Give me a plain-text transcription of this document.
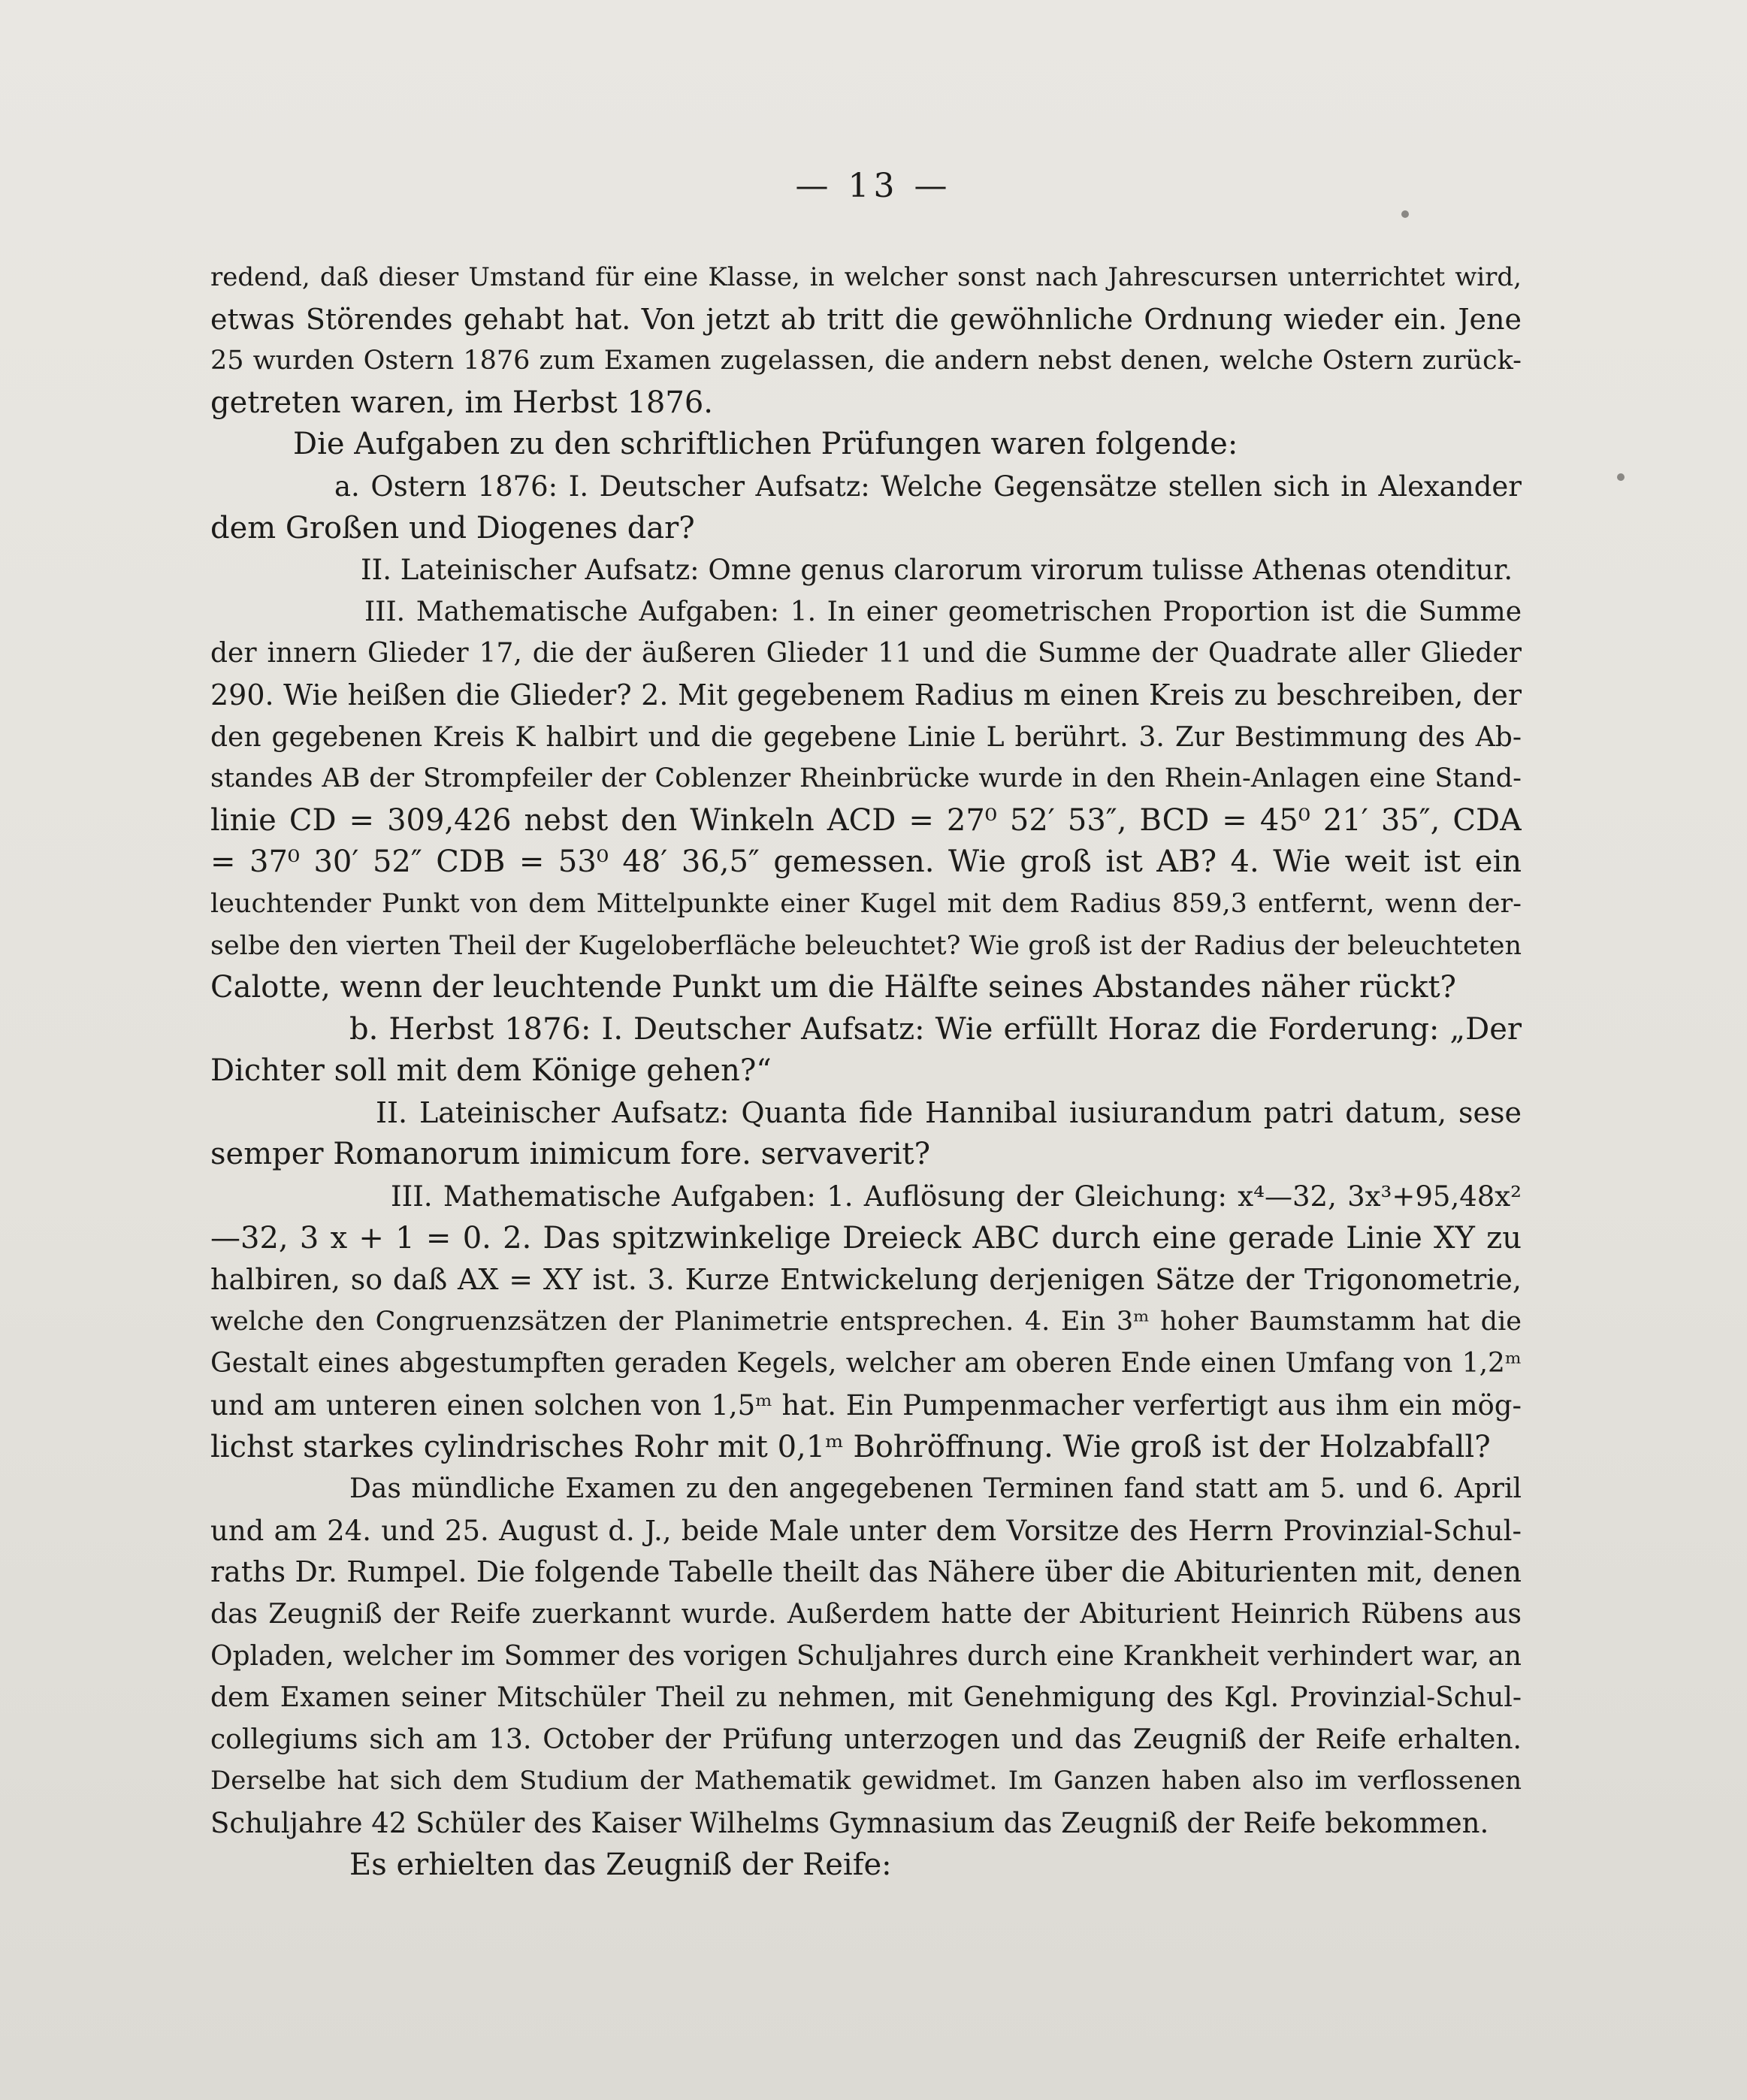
— 13 —
redend, daß dieser Umstand für eine Klasse, in welcher sonst nach Jahrescursen unterrichtet wird,
etwas Störendes gehabt hat. Von jetzt ab tritt die gewöhnliche Ordnung wieder ein. Jene
25 wurden Ostern 1876 zum Examen zugelassen, die andern nebst denen, welche Ostern zurück-
getreten waren, im Herbst 1876.
Die Aufgaben zu den schriftlichen Prüfungen waren folgende:
a. Ostern 1876: I. Deutscher Aufsatz: Welche Gegensätze stellen sich in Alexander
dem Großen und Diogenes dar?
II. Lateinischer Aufsatz: Omne genus clarorum virorum tulisse Athenas otenditur.
III. Mathematische Aufgaben: 1. In einer geometrischen Proportion ist die Summe
der innern Glieder 17, die der äußeren Glieder 11 und die Summe der Quadrate aller Glieder
290. Wie heißen die Glieder? 2. Mit gegebenem Radius m einen Kreis zu beschreiben, der
den gegebenen Kreis K halbirt und die gegebene Linie L berührt. 3. Zur Bestimmung des Ab-
standes AB der Strompfeiler der Coblenzer Rheinbrücke wurde in den Rhein-Anlagen eine Stand-
linie CD = 309,426 nebst den Winkeln ACD = 27⁰ 52′ 53″, BCD = 45⁰ 21′ 35″, CDA
= 37⁰ 30′ 52″ CDB = 53⁰ 48′ 36,5″ gemessen. Wie groß ist AB? 4. Wie weit ist ein
leuchtender Punkt von dem Mittelpunkte einer Kugel mit dem Radius 859,3 entfernt, wenn der-
selbe den vierten Theil der Kugeloberfläche beleuchtet? Wie groß ist der Radius der beleuchteten
Calotte, wenn der leuchtende Punkt um die Hälfte seines Abstandes näher rückt?
b. Herbst 1876: I. Deutscher Aufsatz: Wie erfüllt Horaz die Forderung: „Der
Dichter soll mit dem Könige gehen?“
II. Lateinischer Aufsatz: Quanta fide Hannibal iusiurandum patri datum, sese
semper Romanorum inimicum fore. servaverit?
III. Mathematische Aufgaben: 1. Auflösung der Gleichung: x⁴—32, 3x³+95,48x²
—32, 3 x + 1 = 0. 2. Das spitzwinkelige Dreieck ABC durch eine gerade Linie XY zu
halbiren, so daß AX = XY ist. 3. Kurze Entwickelung derjenigen Sätze der Trigonometrie,
welche den Congruenzsätzen der Planimetrie entsprechen. 4. Ein 3ᵐ hoher Baumstamm hat die
Gestalt eines abgestumpften geraden Kegels, welcher am oberen Ende einen Umfang von 1,2ᵐ
und am unteren einen solchen von 1,5ᵐ hat. Ein Pumpenmacher verfertigt aus ihm ein mög-
lichst starkes cylindrisches Rohr mit 0,1ᵐ Bohröffnung. Wie groß ist der Holzabfall?
Das mündliche Examen zu den angegebenen Terminen fand statt am 5. und 6. April
und am 24. und 25. August d. J., beide Male unter dem Vorsitze des Herrn Provinzial-Schul-
raths Dr. Rumpel. Die folgende Tabelle theilt das Nähere über die Abiturienten mit, denen
das Zeugniß der Reife zuerkannt wurde. Außerdem hatte der Abiturient Heinrich Rübens aus
Opladen, welcher im Sommer des vorigen Schuljahres durch eine Krankheit verhindert war, an
dem Examen seiner Mitschüler Theil zu nehmen, mit Genehmigung des Kgl. Provinzial-Schul-
collegiums sich am 13. October der Prüfung unterzogen und das Zeugniß der Reife erhalten.
Derselbe hat sich dem Studium der Mathematik gewidmet. Im Ganzen haben also im verflossenen
Schuljahre 42 Schüler des Kaiser Wilhelms Gymnasium das Zeugniß der Reife bekommen.
Es erhielten das Zeugniß der Reife:
